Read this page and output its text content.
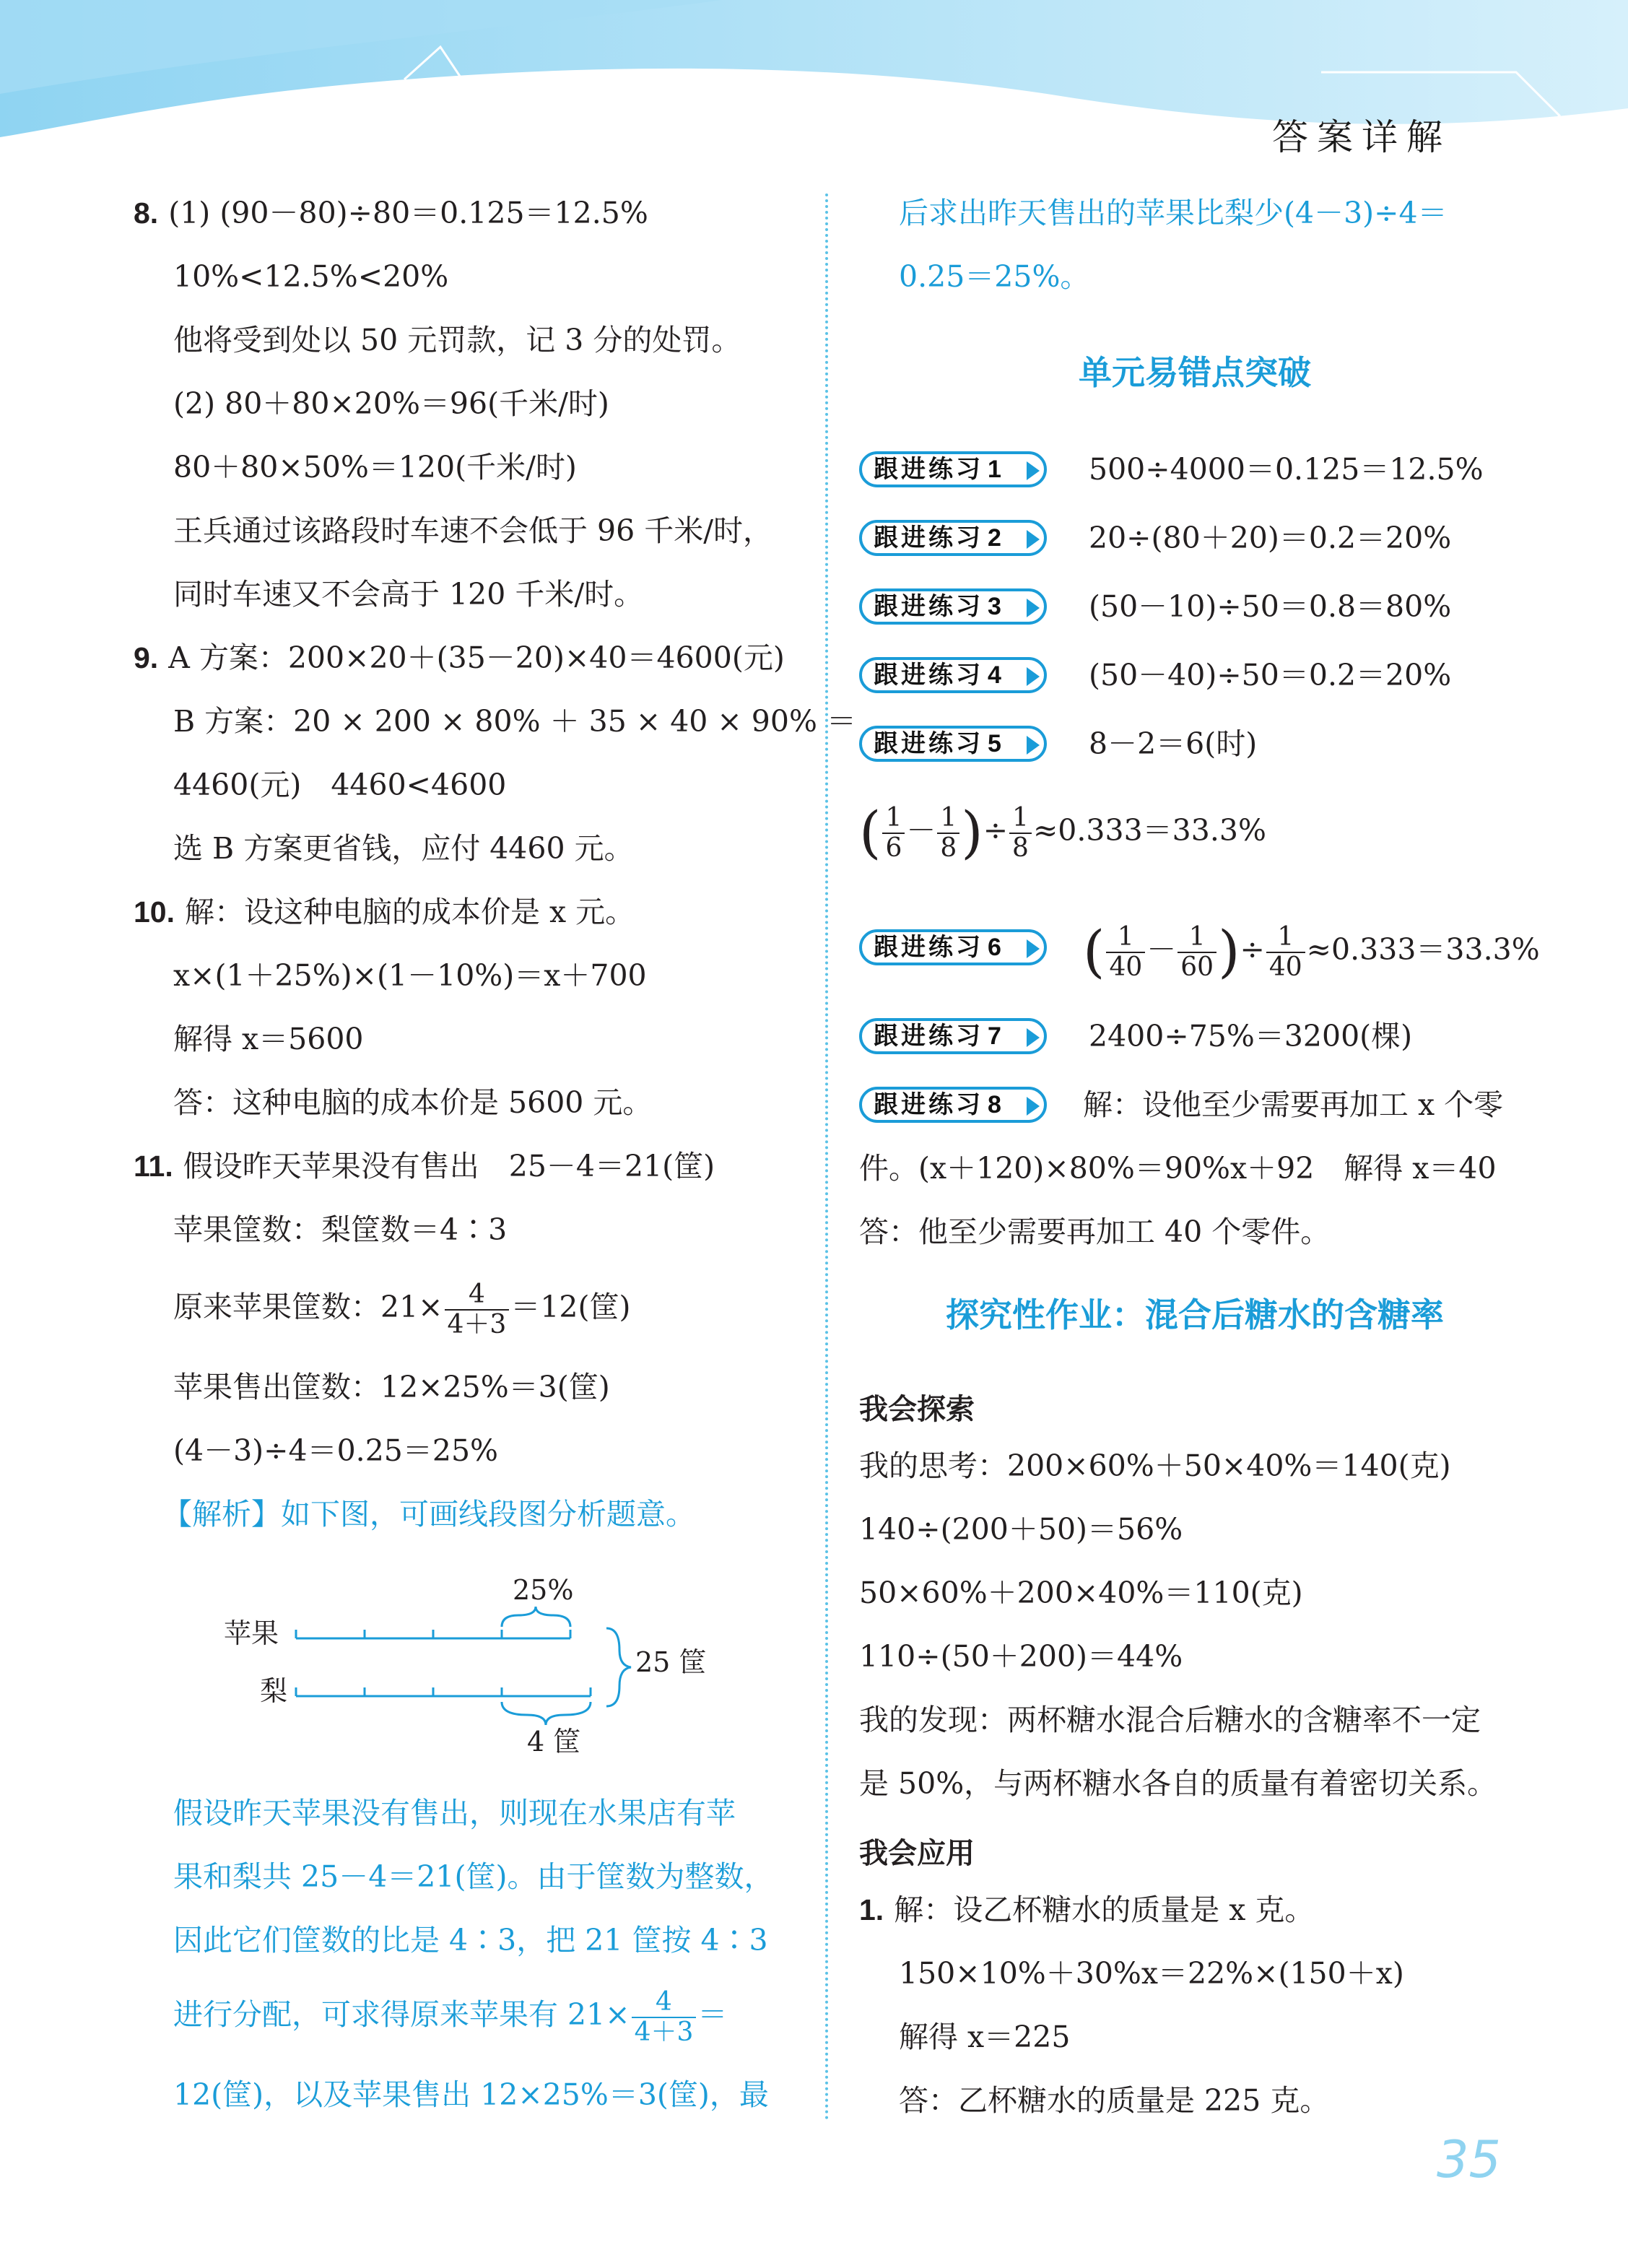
答案详解
8. (1) (90－80)÷80＝0.125＝12.5%
10%<12.5%<20%
他将受到处以 50 元罚款，记 3 分的处罚。
(2) 80＋80×20%＝96(千米/时)
80＋80×50%＝120(千米/时)
王兵通过该路段时车速不会低于 96 千米/时，
同时车速又不会高于 120 千米/时。
9. A 方案：200×20＋(35－20)×40＝4600(元)
B 方案：20 × 200 × 80% ＋ 35 × 40 × 90% ＝
4460(元)　4460<4600
选 B 方案更省钱，应付 4460 元。
10. 解：设这种电脑的成本价是 x 元。
x×(1＋25%)×(1－10%)＝x＋700
解得 x＝5600
答：这种电脑的成本价是 5600 元。
11. 假设昨天苹果没有售出　25－4＝21(筐)
苹果筐数：梨筐数＝4∶3
原来苹果筐数：$21\times \frac{4}{4+3} =12$(筐)
苹果售出筐数：12×25%＝3(筐)
(4－3)÷4＝0.25＝25%
【解析】如下图，可画线段图分析题意。
假设昨天苹果没有售出，则现在水果店有苹
果和梨共 25－4＝21(筐)。由于筐数为整数，
因此它们筐数的比是 4∶3，把 21 筐按 4∶3
进行分配，可求得原来苹果有 $21\times \frac{4}{4+3}$ ＝
12(筐)，以及苹果售出 12×25%＝3(筐)，最
苹果
梨
25%
25 筐
4 筐
后求出昨天售出的苹果比梨少(4－3)÷4＝
0.25＝25%。
单元易错点突破
跟进练习 1	500÷4000＝0.125＝12.5%
跟进练习 2	20÷(80＋20)＝0.2＝20%
跟进练习 3	(50－10)÷50＝0.8＝80%
跟进练习 4	(50－40)÷50＝0.2＝20%
跟进练习 5	8－2＝6(时)
( $\frac{1}{6} - \frac{1}{8}$ )÷ $\frac{1}{8} \approx 0.333=33.3\%$
跟进练习 6	( $\frac{1}{40} - \frac{1}{60}$ )÷ $\frac{1}{40} \approx 0.333=33.3\%$
跟进练习 7	2400÷75%＝3200(棵)
跟进练习 8	解：设他至少需要再加工 x 个零
件。(x＋120)×80%＝90%x＋92　解得 x＝40
答：他至少需要再加工 40 个零件。
探究性作业：混合后糖水的含糖率
我会探索
我的思考：200×60%＋50×40%＝140(克)
140÷(200＋50)＝56%
50×60%＋200×40%＝110(克)
110÷(50＋200)＝44%
我的发现：两杯糖水混合后糖水的含糖率不一定
是 50%，与两杯糖水各自的质量有着密切关系。
我会应用
1. 解：设乙杯糖水的质量是 x 克。
150×10%＋30%x＝22%×(150＋x)
解得 x＝225
答：乙杯糖水的质量是 225 克。
35
